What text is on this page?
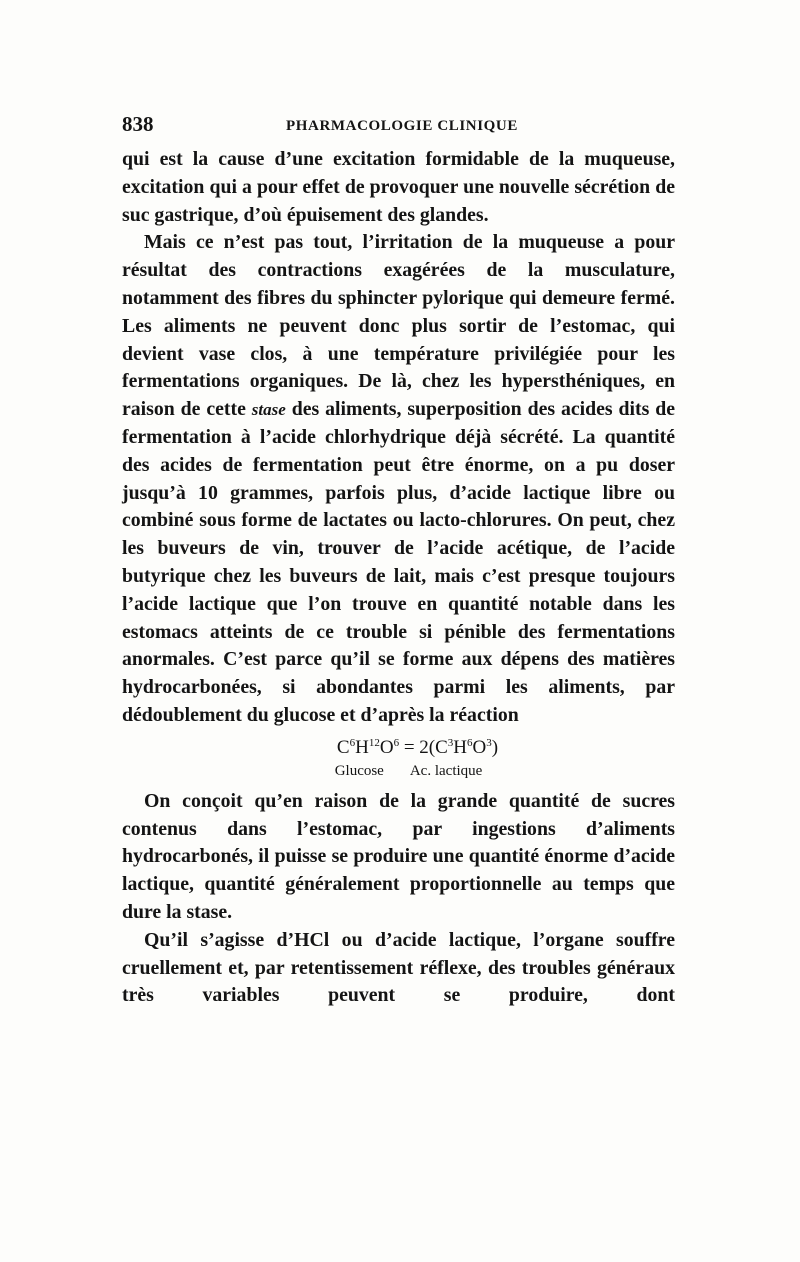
838	PHARMACOLOGIE CLINIQUE

qui est la cause d’une excitation formidable de la muqueuse, excitation qui a pour effet de provoquer une nouvelle sécrétion de suc gastrique, d’où épuisement des glandes.

Mais ce n’est pas tout, l’irritation de la muqueuse a pour résultat des contractions exagérées de la musculature, notamment des fibres du sphincter pylorique qui demeure fermé. Les aliments ne peuvent donc plus sortir de l’estomac, qui devient vase clos, à une température privilégiée pour les fermentations organiques. De là, chez les hypersthéniques, en raison de cette stase des aliments, superposition des acides dits de fermentation à l’acide chlorhydrique déjà sécrété. La quantité des acides de fermentation peut être énorme, on a pu doser jusqu’à 10 grammes, parfois plus, d’acide lactique libre ou combiné sous forme de lactates ou lacto-chlorures. On peut, chez les buveurs de vin, trouver de l’acide acétique, de l’acide butyrique chez les buveurs de lait, mais c’est presque toujours l’acide lactique que l’on trouve en quantité notable dans les estomacs atteints de ce trouble si pénible des fermentations anormales. C’est parce qu’il se forme aux dépens des matières hydrocarbonées, si abondantes parmi les aliments, par dédoublement du glucose et d’après la réaction

$C^6H^{12}O^6 = 2(C^3H^6O^3)$
Glucose Ac. lactique

On conçoit qu’en raison de la grande quantité de sucres contenus dans l’estomac, par ingestions d’aliments hydrocarbonés, il puisse se produire une quantité énorme d’acide lactique, quantité généralement proportionnelle au temps que dure la stase.

Qu’il s’agisse d’HCl ou d’acide lactique, l’organe souffre cruellement et, par retentissement réflexe, des troubles généraux très variables peuvent se produire, dont
